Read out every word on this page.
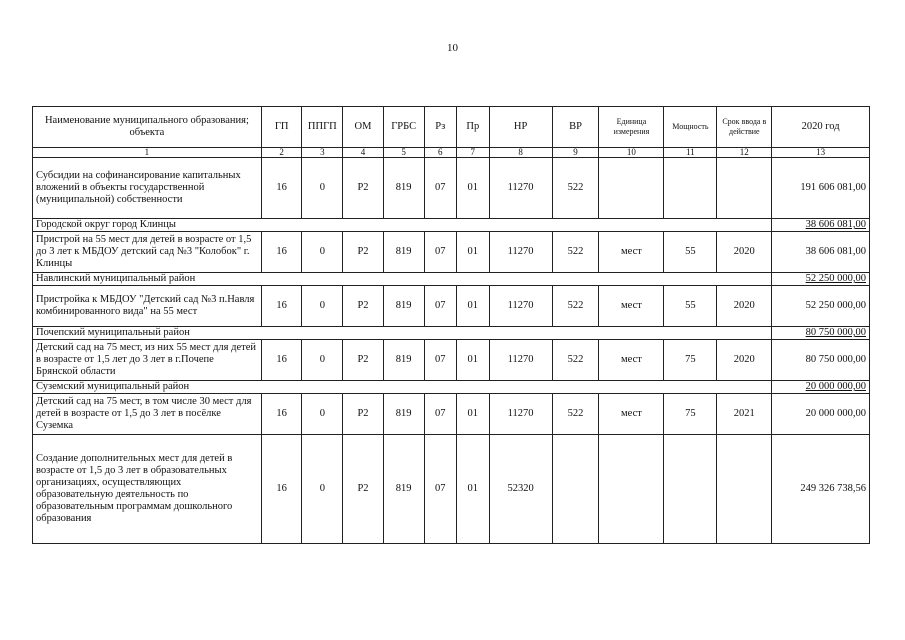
10
Наименование муниципального образования; объекта	ГП	ППГП	ОМ	ГРБС	Рз	Пр	НР	ВР	Единица измерения	Мощность	Срок ввода в действие	2020 год
1	2	3	4	5	6	7	8	9	10	11	12	13
Субсидии на софинансирование капитальных вложений в объекты государственной (муниципальной) собственности	16	0	Р2	819	07	01	11270	522				191 606 081,00
Городской округ город Клинцы												38 606 081,00
Пристрой на 55 мест для детей в возрасте от 1,5 до 3 лет к МБДОУ детский сад №3 "Колобок" г. Клинцы	16	0	Р2	819	07	01	11270	522	мест	55	2020	38 606 081,00
Навлинский муниципальный район												52 250 000,00
Пристройка к МБДОУ "Детский сад №3 п.Навля комбинированного вида" на 55 мест	16	0	Р2	819	07	01	11270	522	мест	55	2020	52 250 000,00
Почепский муниципальный район												80 750 000,00
Детский сад на 75 мест, из них 55 мест для детей в возрасте от 1,5 лет до 3 лет в г.Почепе Брянской области	16	0	Р2	819	07	01	11270	522	мест	75	2020	80 750 000,00
Суземский муниципальный район												20 000 000,00
Детский сад на 75 мест, в том числе 30 мест для детей в возрасте от 1,5 до 3 лет в посёлке Суземка	16	0	Р2	819	07	01	11270	522	мест	75	2021	20 000 000,00
Создание дополнительных мест для детей в возрасте от 1,5 до 3 лет в образовательных организациях, осуществляющих образовательную деятельность по образовательным программам дошкольного образования	16	0	Р2	819	07	01	52320					249 326 738,56
